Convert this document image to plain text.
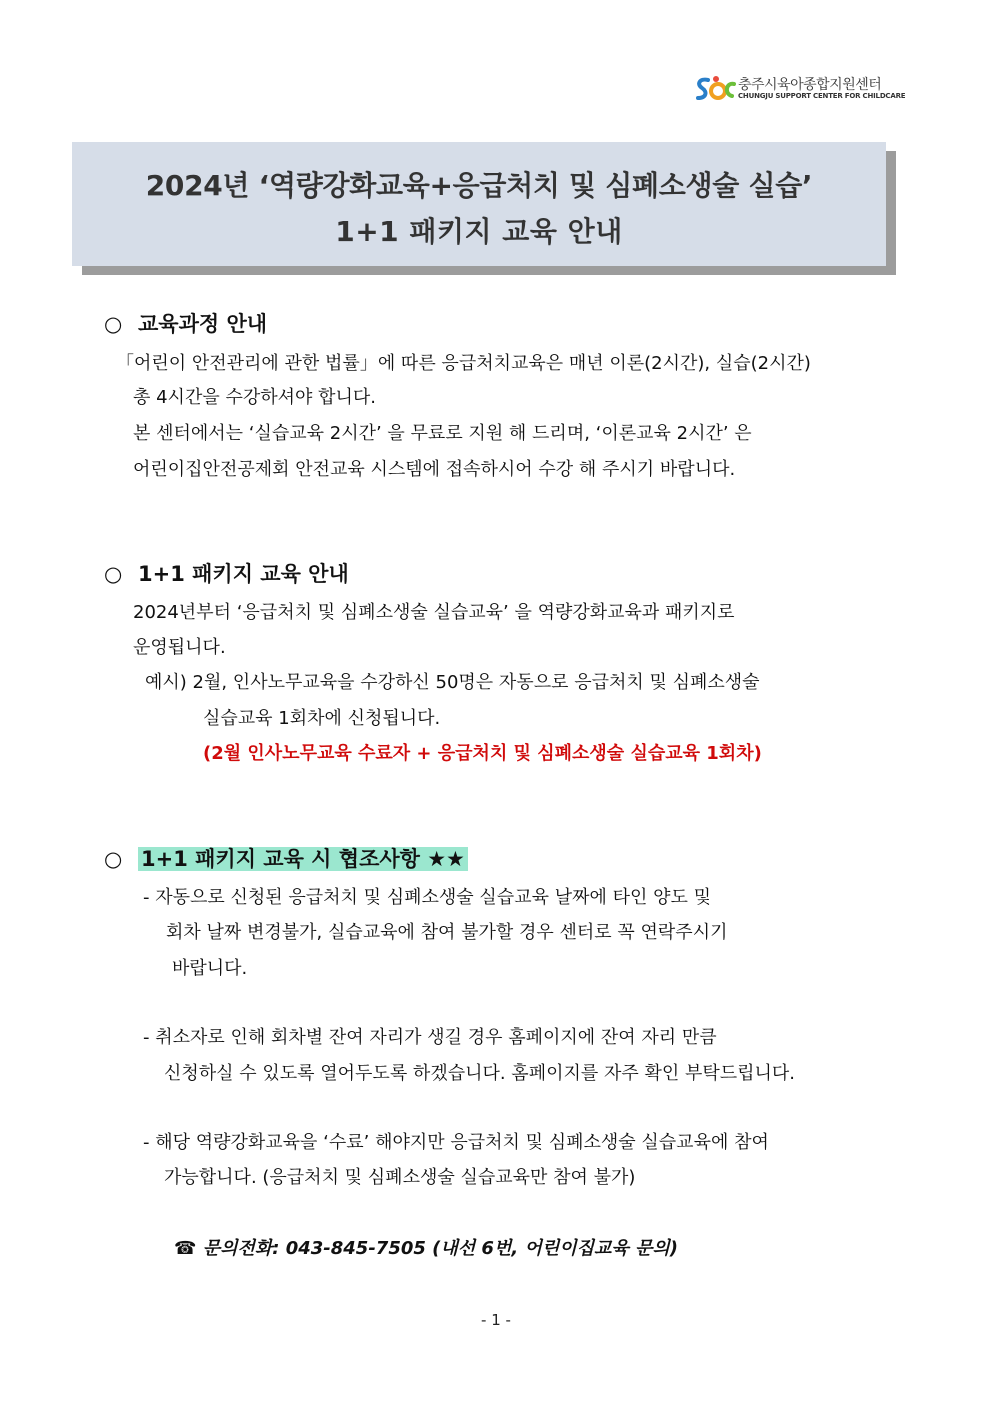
충주시육아종합지원센터
CHUNGJU SUPPORT CENTER FOR CHILDCARE
2024년 ‘역량강화교육+응급처치 및 심폐소생술 실습’
1+1 패키지 교육 안내
○ 교육과정 안내
「어린이 안전관리에 관한 법률」에 따른 응급처치교육은 매년 이론(2시간), 실습(2시간)
총 4시간을 수강하셔야 합니다.
본 센터에서는 ‘실습교육 2시간’ 을 무료로 지원 해 드리며, ‘이론교육 2시간’ 은
어린이집안전공제회 안전교육 시스템에 접속하시어 수강 해 주시기 바랍니다.
○ 1+1 패키지 교육 안내
2024년부터 ‘응급처치 및 심폐소생술 실습교육’ 을 역량강화교육과 패키지로
운영됩니다.
예시) 2월, 인사노무교육을 수강하신 50명은 자동으로 응급처치 및 심폐소생술
실습교육 1회차에 신청됩니다.
(2월 인사노무교육 수료자 + 응급처치 및 심폐소생술 실습교육 1회차)
○ 1+1 패키지 교육 시 협조사항 ★★
- 자동으로 신청된 응급처치 및 심폐소생술 실습교육 날짜에 타인 양도 및
회차 날짜 변경불가, 실습교육에 참여 불가할 경우 센터로 꼭 연락주시기
바랍니다.
- 취소자로 인해 회차별 잔여 자리가 생길 경우 홈페이지에 잔여 자리 만큼
신청하실 수 있도록 열어두도록 하겠습니다. 홈페이지를 자주 확인 부탁드립니다.
- 해당 역량강화교육을 ‘수료’ 해야지만 응급처치 및 심폐소생술 실습교육에 참여
가능합니다. (응급처치 및 심폐소생술 실습교육만 참여 불가)
☎ 문의전화: 043-845-7505 (내선 6번, 어린이집교육 문의)
- 1 -
